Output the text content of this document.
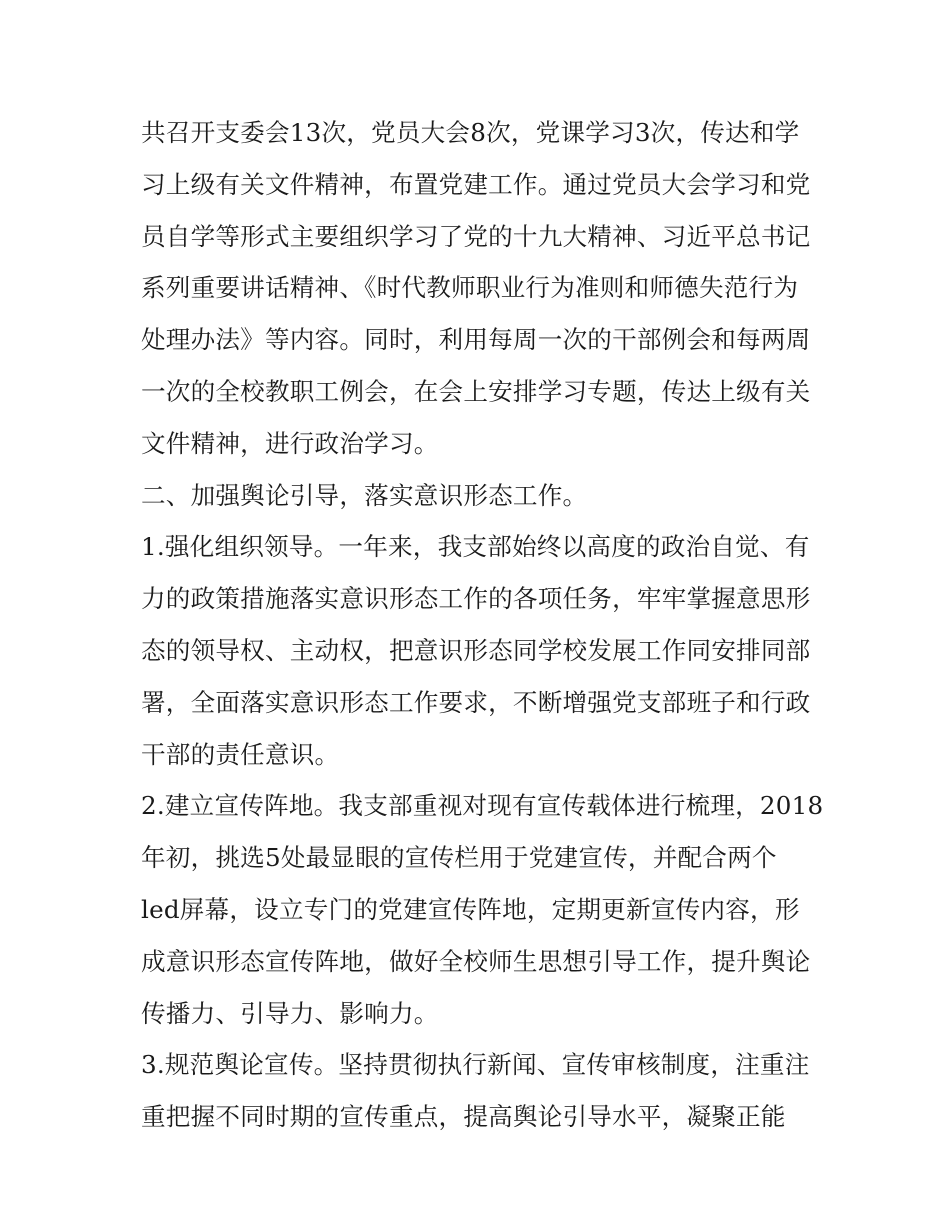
共召开支委会13次，党员大会8次，党课学习3次，传达和学
习上级有关文件精神，布置党建工作。通过党员大会学习和党
员自学等形式主要组织学习了党的十九大精神、习近平总书记
系列重要讲话精神、《时代教师职业行为准则和师德失范行为
处理办法》等内容。同时，利用每周一次的干部例会和每两周
一次的全校教职工例会，在会上安排学习专题，传达上级有关
文件精神，进行政治学习。
二、加强舆论引导，落实意识形态工作。
1.强化组织领导。一年来，我支部始终以高度的政治自觉、有
力的政策措施落实意识形态工作的各项任务，牢牢掌握意思形
态的领导权、主动权，把意识形态同学校发展工作同安排同部
署，全面落实意识形态工作要求，不断增强党支部班子和行政
干部的责任意识。
2.建立宣传阵地。我支部重视对现有宣传载体进行梳理，2018
年初，挑选5处最显眼的宣传栏用于党建宣传，并配合两个
led屏幕，设立专门的党建宣传阵地，定期更新宣传内容，形
成意识形态宣传阵地，做好全校师生思想引导工作，提升舆论
传播力、引导力、影响力。
3.规范舆论宣传。坚持贯彻执行新闻、宣传审核制度，注重注
重把握不同时期的宣传重点，提高舆论引导水平，凝聚正能
